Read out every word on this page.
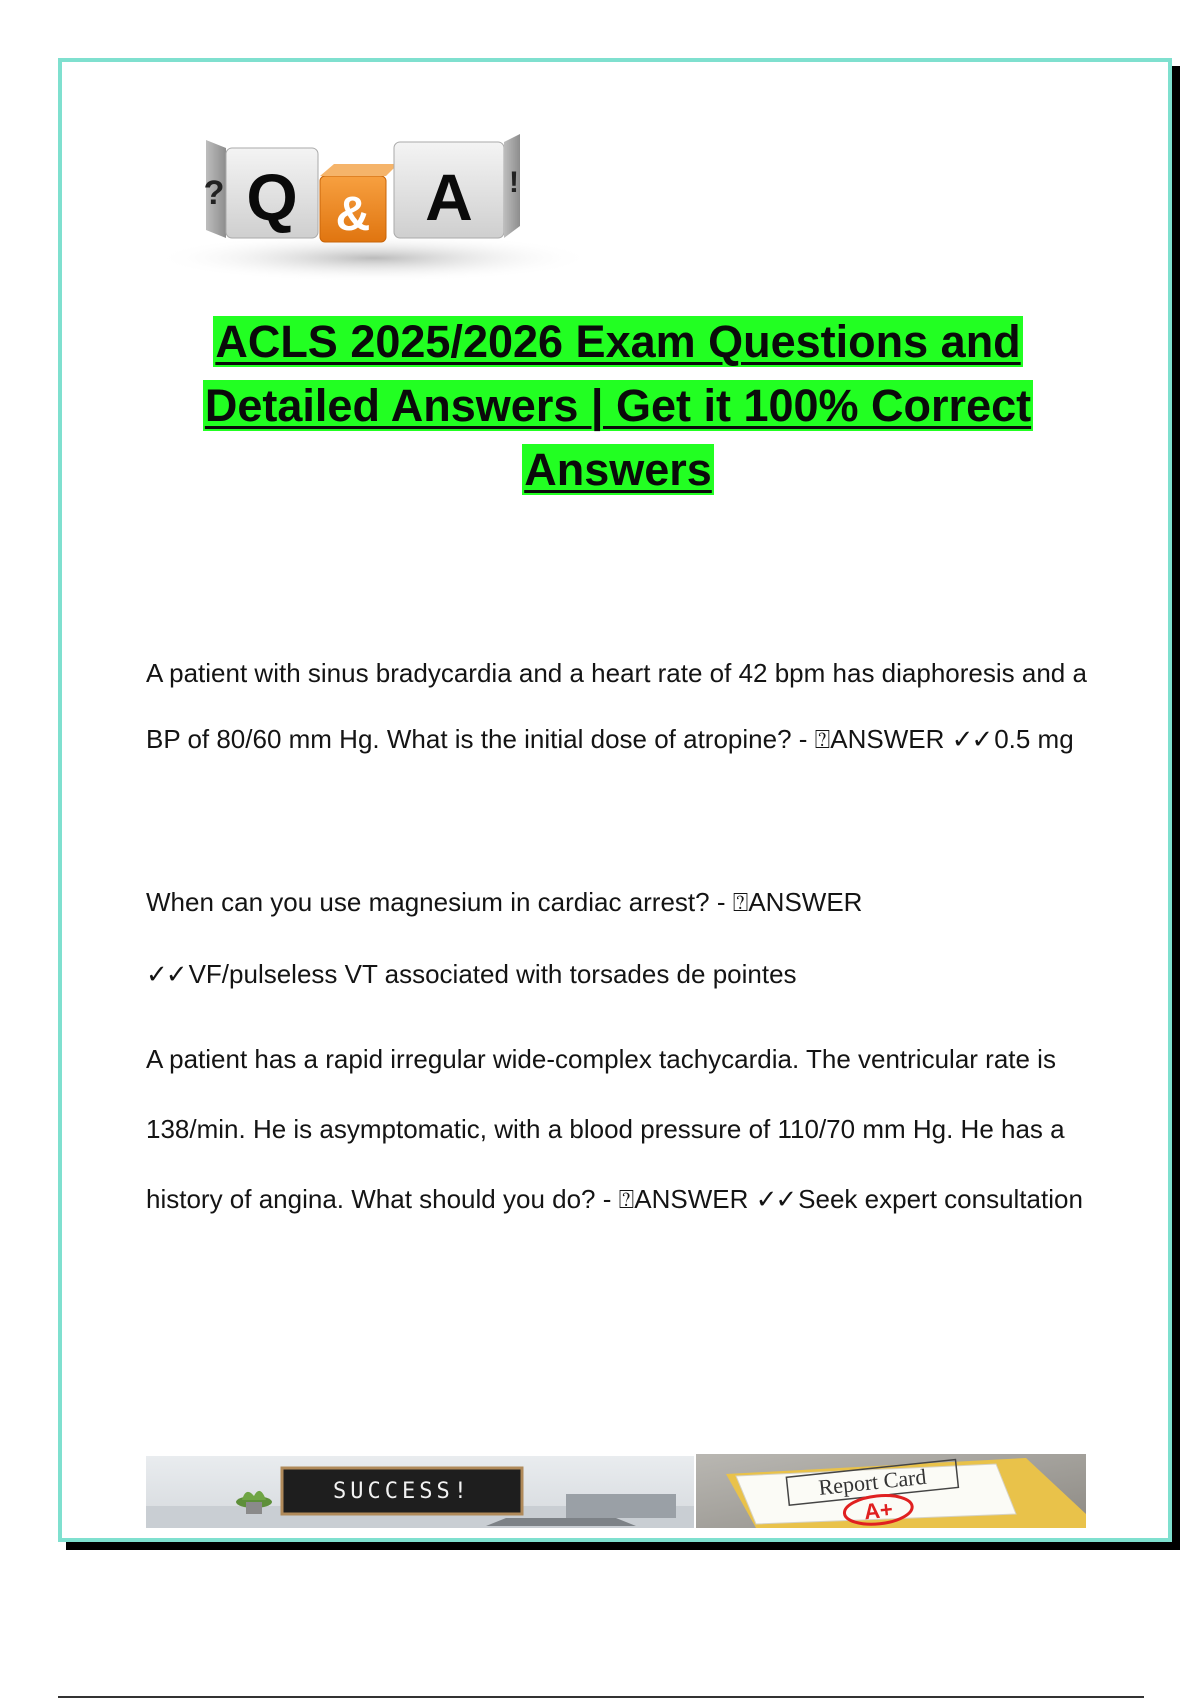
Q
? & A !
ACLS 2025/2026 Exam Questions and Detailed Answers | Get it 100% Correct Answers

A patient with sinus bradycardia and a heart rate of 42 bpm has diaphoresis and a BP of 80/60 mm Hg. What is the initial dose of atropine? - ⍰ANSWER ✓✓ 0.5 mg

When can you use magnesium in cardiac arrest? - ⍰ANSWER
✓✓ VF/pulseless VT associated with torsades de pointes

A patient has a rapid irregular wide-complex tachycardia. The ventricular rate is 138/min. He is asymptomatic, with a blood pressure of 110/70 mm Hg. He has a history of angina. What should you do? - ⍰ANSWER ✓✓ Seek expert consultation

SUCCESS!	Report Card
A+
